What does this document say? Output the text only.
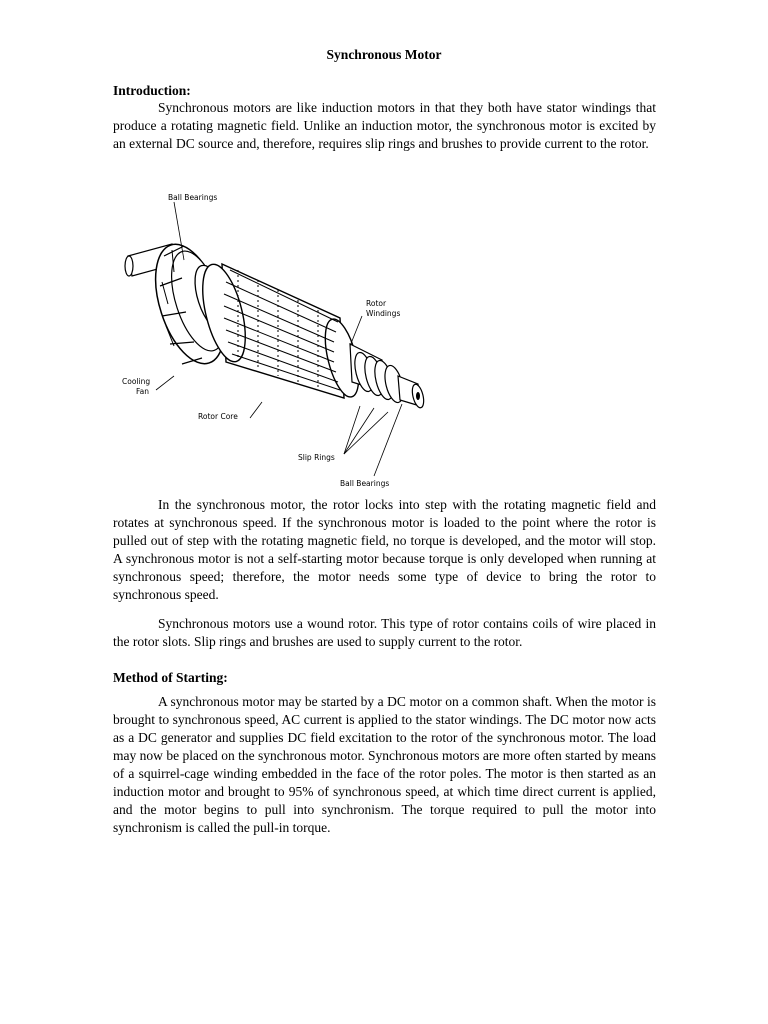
Synchronous Motor
Introduction:

Synchronous motors are like induction motors in that they both have stator windings that produce a rotating magnetic field. Unlike an induction motor, the synchronous motor is excited by an external DC source and, therefore, requires slip rings and brushes to provide current to the rotor.

Ball Bearings
Rotor
Windings
Cooling
Fan
Rotor Core
Slip Rings
Ball Bearings

In the synchronous motor, the rotor locks into step with the rotating magnetic field and rotates at synchronous speed. If the synchronous motor is loaded to the point where the rotor is pulled out of step with the rotating magnetic field, no torque is developed, and the motor will stop. A synchronous motor is not a self-starting motor because torque is only developed when running at synchronous speed; therefore, the motor needs some type of device to bring the rotor to synchronous speed.

Synchronous motors use a wound rotor. This type of rotor contains coils of wire placed in the rotor slots. Slip rings and brushes are used to supply current to the rotor.

Method of Starting:

A synchronous motor may be started by a DC motor on a common shaft. When the motor is brought to synchronous speed, AC current is applied to the stator windings. The DC motor now acts as a DC generator and supplies DC field excitation to the rotor of the synchronous motor. The load may now be placed on the synchronous motor. Synchronous motors are more often started by means of a squirrel-cage winding embedded in the face of the rotor poles. The motor is then started as an induction motor and brought to 95% of synchronous speed, at which time direct current is applied, and the motor begins to pull into synchronism. The torque required to pull the motor into synchronism is called the pull-in torque.
